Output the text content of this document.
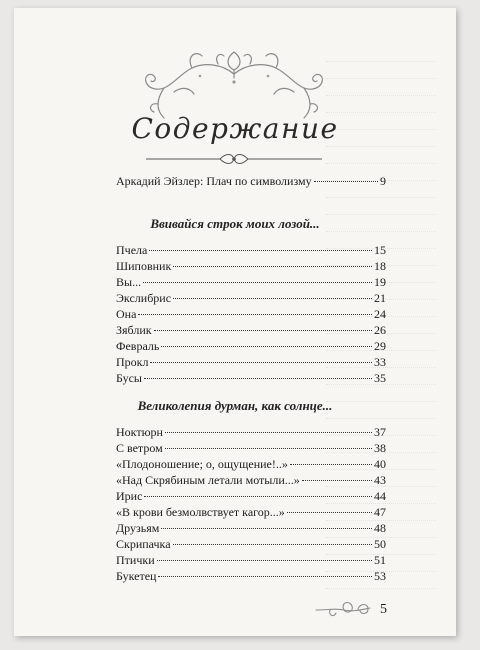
Содержание
Аркадий Эйзлер: Плач по символизму	9
Ввивайся строк моих лозой...
Пчела	15
Шиповник	18
Вы...	19
Экслибрис	21
Она	24
Зяблик	26
Февраль	29
Прокл	33
Бусы	35
Великолепия дурман, как солнце...
Ноктюрн	37
С ветром	38
«Плодоношение; о, ощущение!..»	40
«Над Скрябиным летали мотыли...»	43
Ирис	44
«В крови безмолвствует кагор...»	47
Друзьям	48
Скрипачка	50
Птички	51
Букетец	53
5
